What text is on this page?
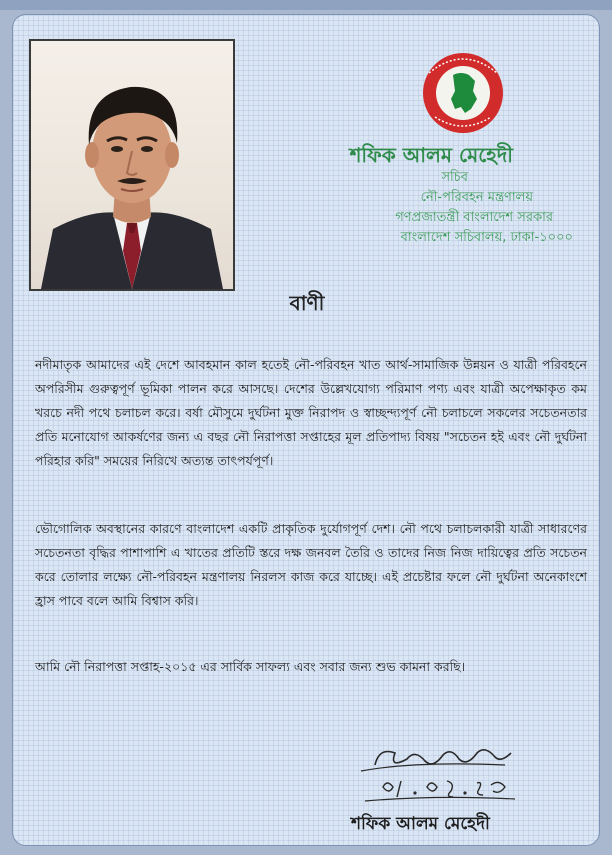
শফিক আলম মেহেদী
সচিব
নৌ-পরিবহন মন্ত্রণালয়
গণপ্রজাতন্ত্রী বাংলাদেশ সরকার
বাংলাদেশ সচিবালয়, ঢাকা-১০০০
বাণী

নদীমাতৃক আমাদের এই দেশে আবহমান কাল হতেই নৌ-পরিবহন খাত আর্থ-সামাজিক উন্নয়ন ও যাত্রী পরিবহনে অপরিসীম গুরুত্বপূর্ণ ভূমিকা পালন করে আসছে। দেশের উল্লেখযোগ্য পরিমাণ পণ্য এবং যাত্রী অপেক্ষাকৃত কম খরচে নদী পথে চলাচল করে। বর্ষা মৌসুমে দুর্ঘটনা মুক্ত নিরাপদ ও স্বাচ্ছন্দ্যপূর্ণ নৌ চলাচলে সকলের সচেতনতার প্রতি মনোযোগ আকর্ষণের জন্য এ বছর নৌ নিরাপত্তা সপ্তাহের মূল প্রতিপাদ্য বিষয় "সচেতন হই এবং নৌ দুর্ঘটনা পরিহার করি" সময়ের নিরিখে অত্যন্ত তাৎপর্যপূর্ণ।

ভৌগোলিক অবস্থানের কারণে বাংলাদেশ একটি প্রাকৃতিক দুর্যোগপূর্ণ দেশ। নৌ পথে চলাচলকারী যাত্রী সাধারণের সচেতনতা বৃদ্ধির পাশাপাশি এ খাতের প্রতিটি স্তরে দক্ষ জনবল তৈরি ও তাদের নিজ নিজ দায়িত্বের প্রতি সচেতন করে তোলার লক্ষ্যে নৌ-পরিবহন মন্ত্রণালয় নিরলস কাজ করে যাচ্ছে। এই প্রচেষ্টার ফলে নৌ দুর্ঘটনা অনেকাংশে হ্রাস পাবে বলে আমি বিশ্বাস করি।

আমি নৌ নিরাপত্তা সপ্তাহ-২০১৫ এর সার্বিক সাফল্য এবং সবার জন্য শুভ কামনা করছি।

শফিক আলম মেহেদী
